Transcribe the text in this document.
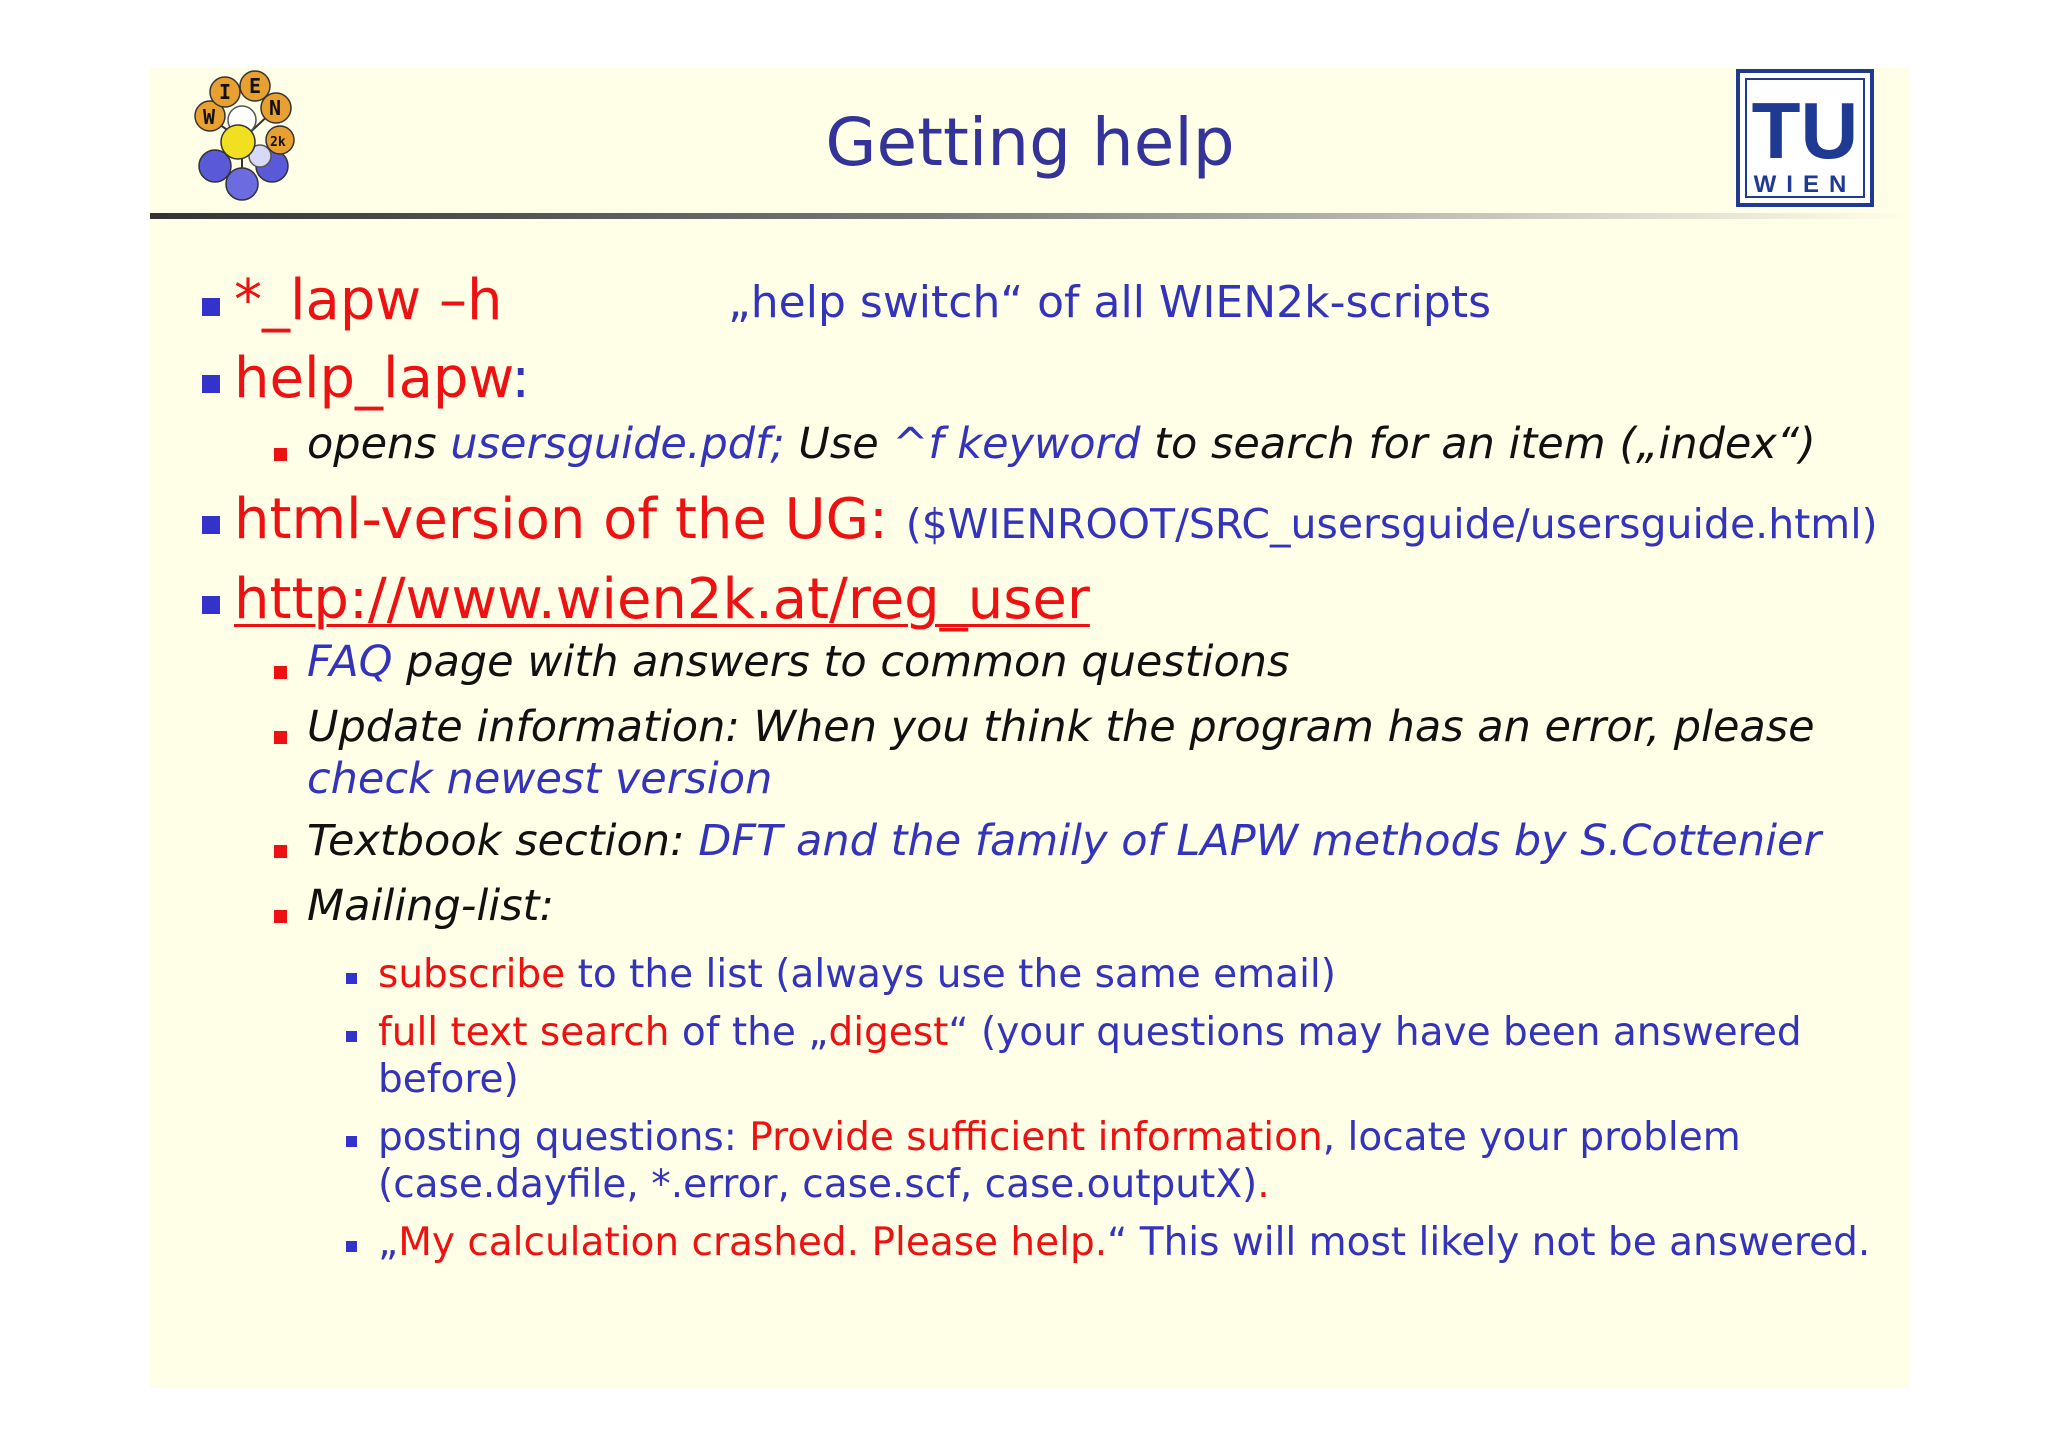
W
I E
N
2k	Getting help	TU
WIEN
*_lapw –h	„help switch“ of all WIEN2k-scripts
help_lapw:
opens usersguide.pdf; Use ^f keyword to search for an item („index“)
html-version of the UG: ($WIENROOT/SRC_usersguide/usersguide.html)
http://www.wien2k.at/reg_user
FAQ page with answers to common questions
Update information: When you think the program has an error, please
check newest version
Textbook section: DFT and the family of LAPW methods by S.Cottenier
Mailing-list:
subscribe to the list (always use the same email)
full text search of the „digest“ (your questions may have been answered
before)
posting questions: Provide sufficient information, locate your problem
(case.dayfile, *.error, case.scf, case.outputX).
„My calculation crashed. Please help.“ This will most likely not be answered.
